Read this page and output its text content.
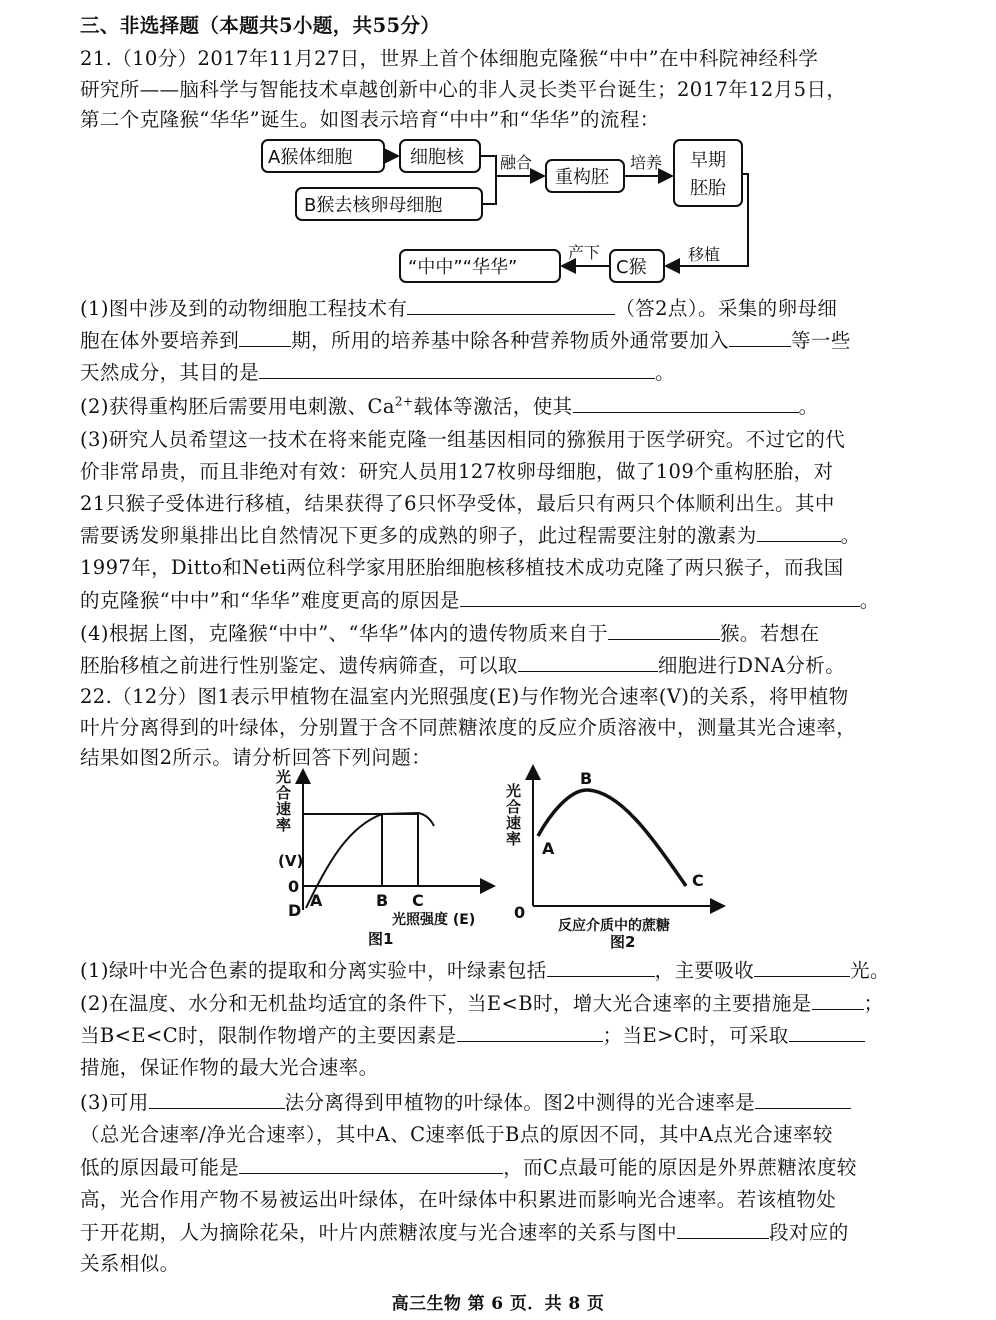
三、非选择题（本题共5小题，共55分）
21.（10分）2017年11月27日，世界上首个体细胞克隆猴“中中”在中科院神经科学
研究所——脑科学与智能技术卓越创新中心的非人灵长类平台诞生；2017年12月5日，
第二个克隆猴“华华”诞生。如图表示培育“中中”和“华华”的流程：
A猴体细胞	细胞核
B猴去核卵母细胞
融合
重构胚
培养 早期
胚胎
移植
C猴
产下
“中中”“华华”
(1)图中涉及到的动物细胞工程技术有	（答2点）。采集的卵母细
胞在体外要培养到	期，所用的培养基中除各种营养物质外通常要加入	等一些
天然成分，其目的是	。
(2)获得重构胚后需要用电刺激、$Ca^{2+}$载体等激活，使其	。
(3)研究人员希望这一技术在将来能克隆一组基因相同的猕猴用于医学研究。不过它的代
价非常昂贵，而且非绝对有效：研究人员用127枚卵母细胞，做了109个重构胚胎，对
21只猴子受体进行移植，结果获得了6只怀孕受体，最后只有两只个体顺利出生。其中
需要诱发卵巢排出比自然情况下更多的成熟的卵子，此过程需要注射的激素为	。
1997年，Ditto和Neti两位科学家用胚胎细胞核移植技术成功克隆了两只猴子，而我国
的克隆猴“中中”和“华华”难度更高的原因是	。
(4)根据上图，克隆猴“中中”、“华华”体内的遗传物质来自于	猴。若想在
胚胎移植之前进行性别鉴定、遗传病筛查，可以取	细胞进行DNA分析。
22.（12分）图1表示甲植物在温室内光照强度(E)与作物光合速率(V)的关系，将甲植物
叶片分离得到的叶绿体，分别置于含不同蔗糖浓度的反应介质溶液中，测量其光合速率，
结果如图2所示。请分析回答下列问题：
光
合
速
率
(V)
0
D
A	B C
光照强度 (E)
图1
光
合
速
率
0
A
B
C
反应介质中的蔗糖
图2
(1)绿叶中光合色素的提取和分离实验中，叶绿素包括	，主要吸收	光。
(2)在温度、水分和无机盐均适宜的条件下，当E<B时，增大光合速率的主要措施是	；
当B<E<C时，限制作物增产的主要因素是	；当E>C时，可采取
措施，保证作物的最大光合速率。
(3)可用	法分离得到甲植物的叶绿体。图2中测得的光合速率是
（总光合速率/净光合速率），其中A、C速率低于B点的原因不同，其中A点光合速率较
低的原因最可能是	，而C点最可能的原因是外界蔗糖浓度较
高，光合作用产物不易被运出叶绿体，在叶绿体中积累进而影响光合速率。若该植物处
于开花期，人为摘除花朵，叶片内蔗糖浓度与光合速率的关系与图中	段对应的
关系相似。
高三生物 第 6 页．共 8 页
